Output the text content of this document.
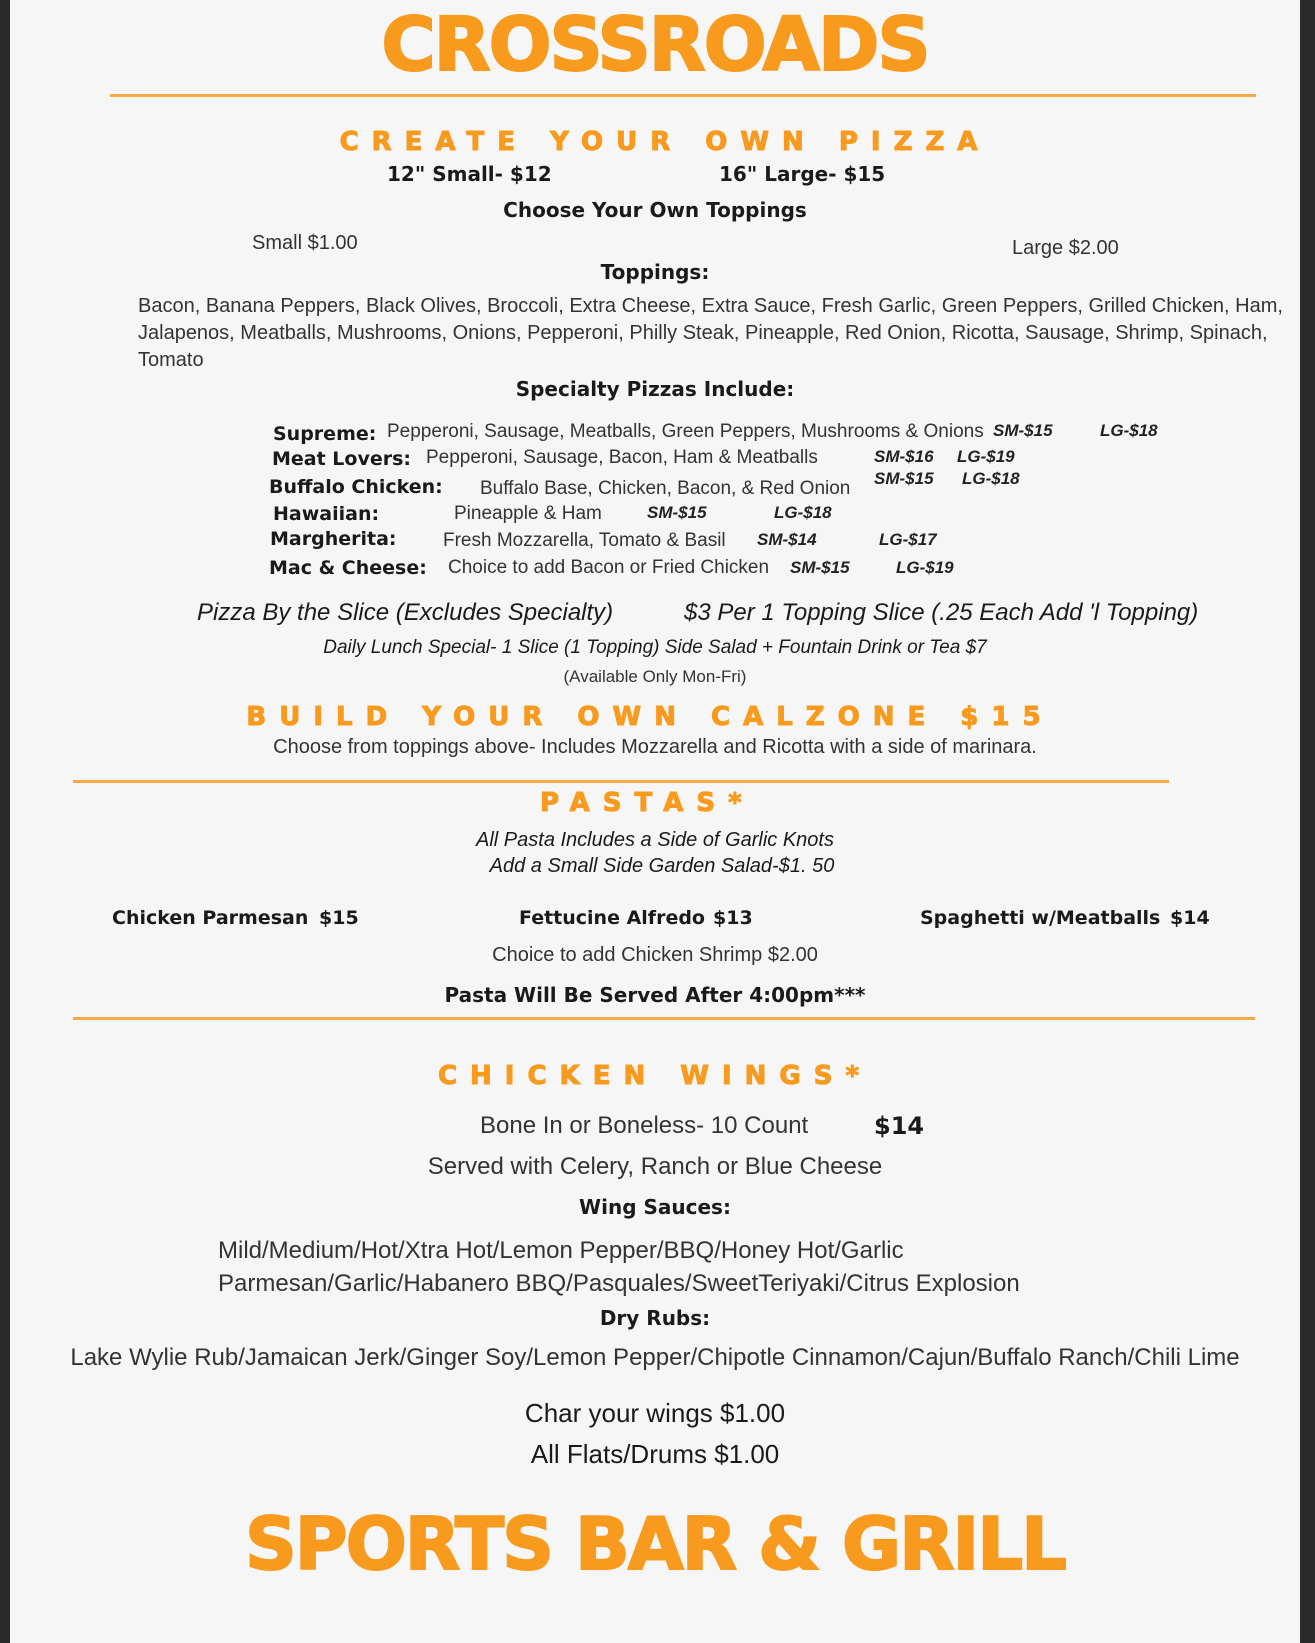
CROSSROADS
CREATE YOUR OWN PIZZA
12" Small- $12	16" Large- $15
Choose Your Own Toppings
Small $1.00	Large $2.00
Toppings:
Bacon, Banana Peppers, Black Olives, Broccoli, Extra Cheese, Extra Sauce, Fresh Garlic, Green Peppers, Grilled Chicken, Ham,
Jalapenos, Meatballs, Mushrooms, Onions, Pepperoni, Philly Steak, Pineapple, Red Onion, Ricotta, Sausage, Shrimp, Spinach,
Tomato
Specialty Pizzas Include:
Supreme: Pepperoni, Sausage, Meatballs, Green Peppers, Mushrooms & Onions SM-$15	LG-$18
Meat Lovers: Pepperoni, Sausage, Bacon, Ham & Meatballs	SM-$16 LG-$19
Buffalo Chicken: Buffalo Base, Chicken, Bacon, & Red Onion SM-$15 LG-$18
Hawaiian:	Pineapple & Ham	SM-$15	LG-$18
Margherita: Fresh Mozzarella, Tomato & Basil SM-$14	LG-$17
Mac & Cheese: Choice to add Bacon or Fried Chicken SM-$15	LG-$19
Pizza By the Slice (Excludes Specialty)	$3 Per 1 Topping Slice (.25 Each Add 'l Topping)
Daily Lunch Special- 1 Slice (1 Topping) Side Salad + Fountain Drink or Tea $7
(Available Only Mon-Fri)
BUILD YOUR OWN CALZONE $15
Choose from toppings above- Includes Mozzarella and Ricotta with a side of marinara.
PASTAS*
All Pasta Includes a Side of Garlic Knots
Add a Small Side Garden Salad-$1. 50
Chicken Parmesan $15	Fettucine Alfredo $13	Spaghetti w/Meatballs $14
Choice to add Chicken Shrimp $2.00
Pasta Will Be Served After 4:00pm***
CHICKEN WINGS*
Bone In or Boneless- 10 Count	$14
Served with Celery, Ranch or Blue Cheese
Wing Sauces:
Mild/Medium/Hot/Xtra Hot/Lemon Pepper/BBQ/Honey Hot/Garlic
Parmesan/Garlic/Habanero BBQ/Pasquales/SweetTeriyaki/Citrus Explosion
Dry Rubs:
Lake Wylie Rub/Jamaican Jerk/Ginger Soy/Lemon Pepper/Chipotle Cinnamon/Cajun/Buffalo Ranch/Chili Lime
Char your wings $1.00
All Flats/Drums $1.00
SPORTS BAR & GRILL
